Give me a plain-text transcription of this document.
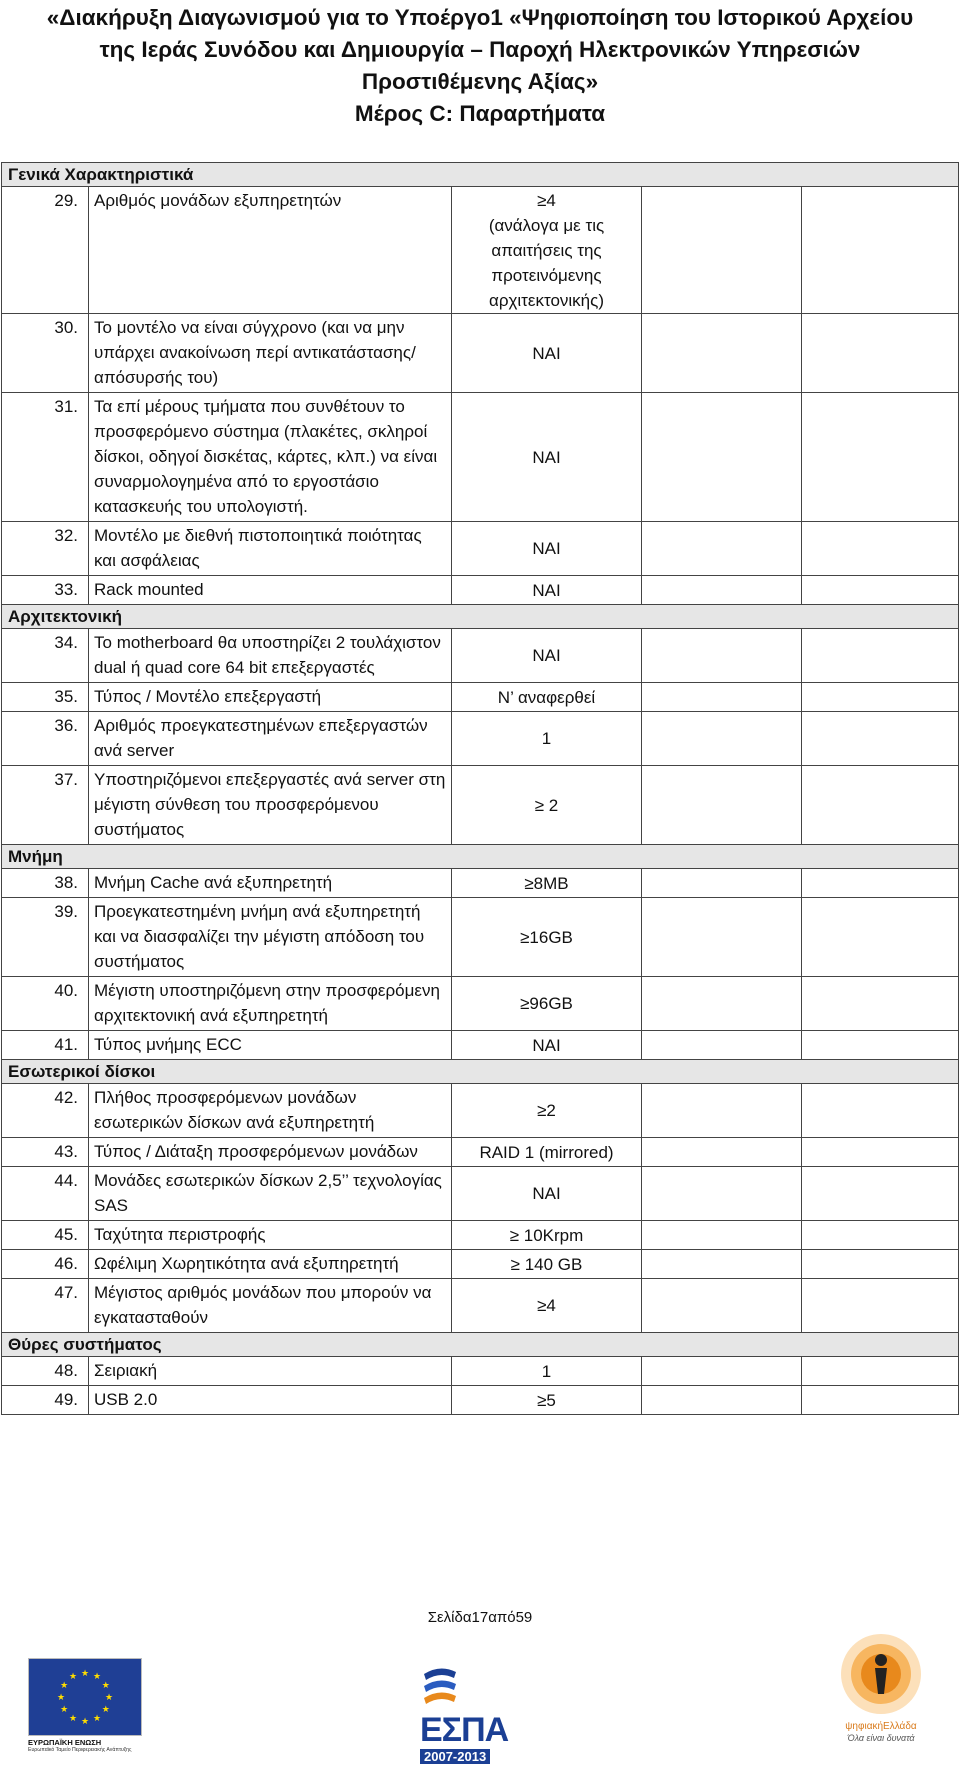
«Διακήρυξη Διαγωνισμού για το Υποέργο1 «Ψηφιοποίηση του Ιστορικού Αρχείου
της Ιεράς Συνόδου και Δημιουργία – Παροχή Ηλεκτρονικών Υπηρεσιών
Προστιθέμενης Αξίας»
Μέρος C: Παραρτήματα
Γενικά Χαρακτηριστικά				
29.	Αριθμός μονάδων εξυπηρετητών	≥4
(ανάλογα με τις απαιτήσεις της προτεινόμενης αρχιτεκτονικής)		
30.	Το μοντέλο να είναι σύγχρονο (και να μην υπάρχει ανακοίνωση περί αντικατάστασης/ απόσυρσής του)	ΝΑΙ		
31.	Τα επί μέρους τμήματα που συνθέτουν το προσφερόμενο σύστημα (πλακέτες, σκληροί δίσκοι, οδηγοί δισκέτας, κάρτες, κλπ.) να είναι συναρμολογημένα από το εργοστάσιο κατασκευής του υπολογιστή.	ΝΑΙ		
32.	Μοντέλο με διεθνή πιστοποιητικά ποιότητας και ασφάλειας	ΝΑΙ		
33.	Rack mounted	ΝΑΙ		
Αρχιτεκτονική				
34.	Το motherboard θα υποστηρίζει 2 τουλάχιστον dual ή quad core 64 bit επεξεργαστές	ΝΑΙ		
35.	Τύπος / Μοντέλο επεξεργαστή	Ν’ αναφερθεί		
36.	Αριθμός προεγκατεστημένων επεξεργαστών ανά server	1		
37.	Υποστηριζόμενοι επεξεργαστές ανά server στη μέγιστη σύνθεση του προσφερόμενου συστήματος	≥ 2		
Μνήμη				
38.	Μνήμη Cache ανά εξυπηρετητή	≥8MB		
39.	Προεγκατεστημένη μνήμη ανά εξυπηρετητή και να διασφαλίζει την μέγιστη απόδοση του συστήματος	≥16GB		
40.	Μέγιστη υποστηριζόμενη στην προσφερόμενη αρχιτεκτονική ανά εξυπηρετητή	≥96GB		
41.	Τύπος μνήμης ECC	ΝΑΙ		
Εσωτερικοί δίσκοι				
42.	Πλήθος προσφερόμενων μονάδων εσωτερικών δίσκων ανά εξυπηρετητή	≥2		
43.	Τύπος / Διάταξη προσφερόμενων μονάδων	RAID 1 (mirrored)		
44.	Μονάδες εσωτερικών δίσκων 2,5’’ τεχνολογίας SAS	ΝΑΙ		
45.	Ταχύτητα περιστροφής	≥ 10Krpm		
46.	Ωφέλιμη Χωρητικότητα ανά εξυπηρετητή	≥ 140 GB		
47.	Μέγιστος αριθμός μονάδων που μπορούν να εγκατασταθούν	≥4		
Θύρες συστήματος				
48.	Σειριακή	1		
49.	USB 2.0	≥5		
Σελίδα17από59
★ ★
★
★
★
★
★
★
★
★
★
★
ΕΥΡΩΠΑΪΚΗ ΕΝΩΣΗ
Ευρωπαϊκό Ταμείο Περιφερειακής Ανάπτυξης
ΕΣΠΑ
2007-2013
ψηφιακήΕλλάδα
Όλα είναι δυνατά
